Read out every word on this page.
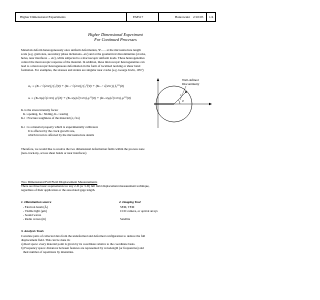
Higher Dimensional Experiments	EM517	Banrowski 2/10/05 1/4
Higher Dimensional Experiment
For Continued Processes
Materials deform heterogeneously once uniform deformation, Ψₓₓₓₓₓₓ at the microstructure length
scale (e.g. grain size, secondary phase inclusions...etc) and at the geometrical discontinuities (cracks,
holes, near interfaces ... etc), while subjected to a macroscopic uniform loads. These heterogeneities
control the macroscopic response of the material. In addition, these microscopic heterogeneities can
lead to a macroscopic heterogeneous deformation in the form of localized necking or shear band
formation. For examples, the stresses and strains are singular near cracks (e.g. George Irwin, 1957)
σᵢⱼ = (Kᵢ / √(2πr)) fᵢⱼᴵ(θ) + (Kᵢᵢ / √(2πr)) fᵢⱼᴵᴵ(θ) + (Kᵢᵢᵢ / √(2πr)) fᵢⱼᴵᴵᴵ(θ)
uᵢ = (Kᵢ/2μ)√(r/2π) gᵢᴵ(θ) + (Kᵢᵢ/2μ)√(r/2π) gᵢᴵᴵ(θ) + (Kᵢᵢᵢ/2μ)√(r/2π) gᵢᴵᴵᴵ(θ)
Well-defined
Discontinuity
r
θ
Kᵢ is the stress intensity factor
Kᵢ: opening, Kᵢᵢ: Sliding, Kᵢᵢᵢ: tearing
Kᵢc : Fracture toughness of the material (σᵧ√πa)
Kᵢc : is a material property which is experimentally calibrated.
It is affected by the crack growth rate,
which in turn is affected by the microstructure details
Therefore, we would like to resolve the two dimensional deformation fields within the process zone
(non-crack-tip, across sheet bands or near interfaces)
Two Dimensional Full Field Displacement Measurements
There are three basic requirements for any 2-D (or 3-D) full field displacement measurement technique,
regardless of their application or the associated gage length.
1. Illumination source
- Electron beam (Å)
- Visible light (μm)
- Sound waves
- Radio waves (m)
2. Imaging Tool
SEM, TEM
CCD camera, or optical arrays
Satellite
3. Analysis Tools
Correlate pairs of collected data from the undeformed and deformed configuration to deduce the full
displacement field. This can be done in:
a) Real space: every material point is given by its coordinate relative to the coordinate basis.
b) Frequency space: distances between features are represented by wavelength (or frequencies) and
their number of repetitions by intensities.
